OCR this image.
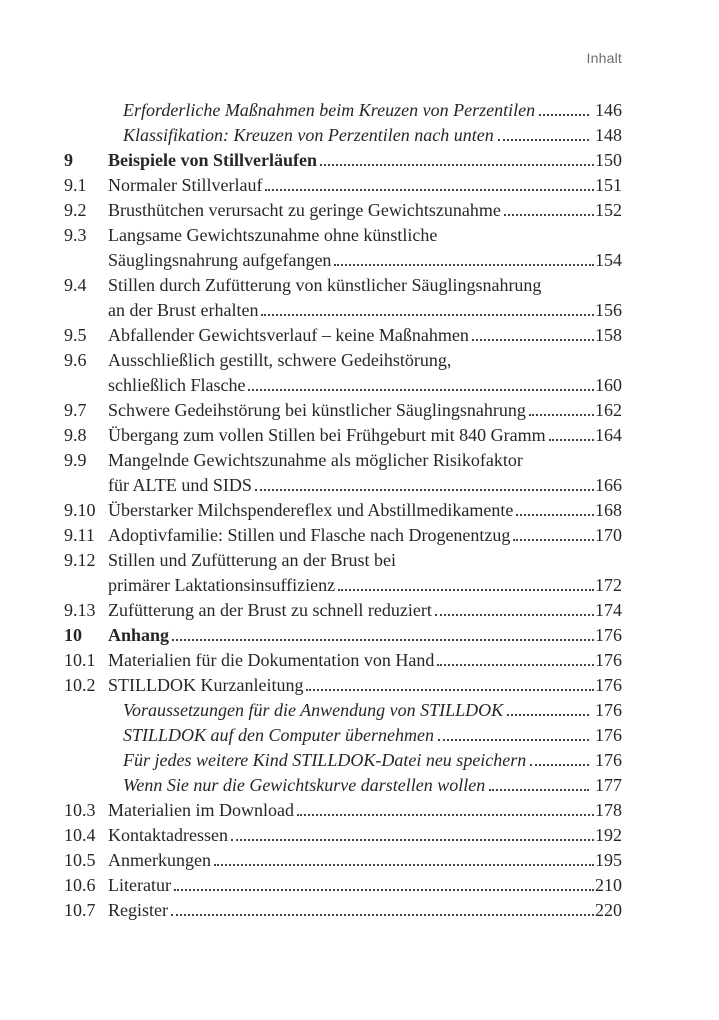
Inhalt
Erforderliche Maßnahmen beim Kreuzen von Perzentilen	146
Klassifikation: Kreuzen von Perzentilen nach unten	148
9	Beispiele von Stillverläufen	150
9.1	Normaler Stillverlauf	151
9.2	Brusthütchen verursacht zu geringe Gewichtszunahme	152
9.3	Langsame Gewichtszunahme ohne künstliche
Säuglingsnahrung aufgefangen	154
9.4	Stillen durch Zufütterung von künstlicher Säuglingsnahrung
an der Brust erhalten	156
9.5	Abfallender Gewichtsverlauf – keine Maßnahmen	158
9.6	Ausschließlich gestillt, schwere Gedeihstörung,
schließlich Flasche	160
9.7	Schwere Gedeihstörung bei künstlicher Säuglingsnahrung	162
9.8	Übergang zum vollen Stillen bei Frühgeburt mit 840 Gramm	164
9.9	Mangelnde Gewichtszunahme als möglicher Risikofaktor
für ALTE und SIDS	166
9.10 Überstarker Milchspendereflex und Abstillmedikamente	168
9.11 Adoptivfamilie: Stillen und Flasche nach Drogenentzug	170
9.12 Stillen und Zufütterung an der Brust bei
primärer Laktationsinsuffizienz	172
9.13 Zufütterung an der Brust zu schnell reduziert	174
10	Anhang	176
10.1 Materialien für die Dokumentation von Hand	176
10.2 STILLDOK Kurzanleitung	176
Voraussetzungen für die Anwendung von STILLDOK	176
STILLDOK auf den Computer übernehmen	176
Für jedes weitere Kind STILLDOK-Datei neu speichern	176
Wenn Sie nur die Gewichtskurve darstellen wollen	177
10.3 Materialien im Download	178
10.4 Kontaktadressen	192
10.5 Anmerkungen	195
10.6 Literatur	210
10.7 Register	220
